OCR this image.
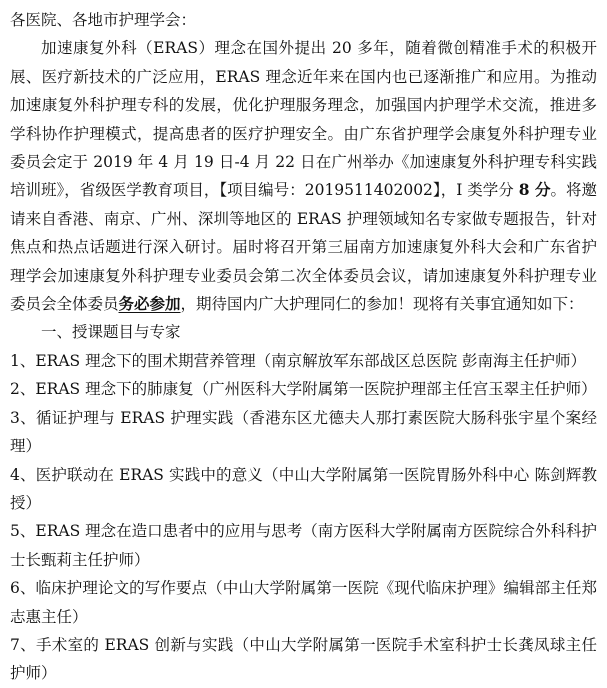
各医院、各地市护理学会：

加速康复外科（ERAS）理念在国外提出 20 多年，随着微创精准手术的积极开展、医疗新技术的广泛应用，ERAS 理念近年来在国内也已逐渐推广和应用。为推动加速康复外科护理专科的发展，优化护理服务理念，加强国内护理学术交流，推进多学科协作护理模式，提高患者的医疗护理安全。由广东省护理学会康复外科护理专业委员会定于 2019 年 4 月 19 日-4 月 22 日在广州举办《加速康复外科护理专科实践培训班》，省级医学教育项目，【项目编号：2019511402002】，I 类学分 8 分。将邀请来自香港、南京、广州、深圳等地区的 ERAS 护理领域知名专家做专题报告，针对焦点和热点话题进行深入研讨。届时将召开第三届南方加速康复外科大会和广东省护理学会加速康复外科护理专业委员会第二次全体委员会议，请加速康复外科护理专业委员会全体委员务必参加，期待国内广大护理同仁的参加！现将有关事宜通知如下：

一、授课题目与专家

1、ERAS 理念下的围术期营养管理（南京解放军东部战区总医院 彭南海主任护师）

2、ERAS 理念下的肺康复（广州医科大学附属第一医院护理部主任宫玉翠主任护师）

3、循证护理与 ERAS 护理实践（香港东区尤德夫人那打素医院大肠科张宇星个案经理）

4、医护联动在 ERAS 实践中的意义（中山大学附属第一医院胃肠外科中心 陈剑辉教授）

5、ERAS 理念在造口患者中的应用与思考（南方医科大学附属南方医院综合外科科护士长甄莉主任护师）

6、临床护理论文的写作要点（中山大学附属第一医院《现代临床护理》编辑部主任郑志惠主任）

7、手术室的 ERAS 创新与实践（中山大学附属第一医院手术室科护士长龚凤球主任护师）
